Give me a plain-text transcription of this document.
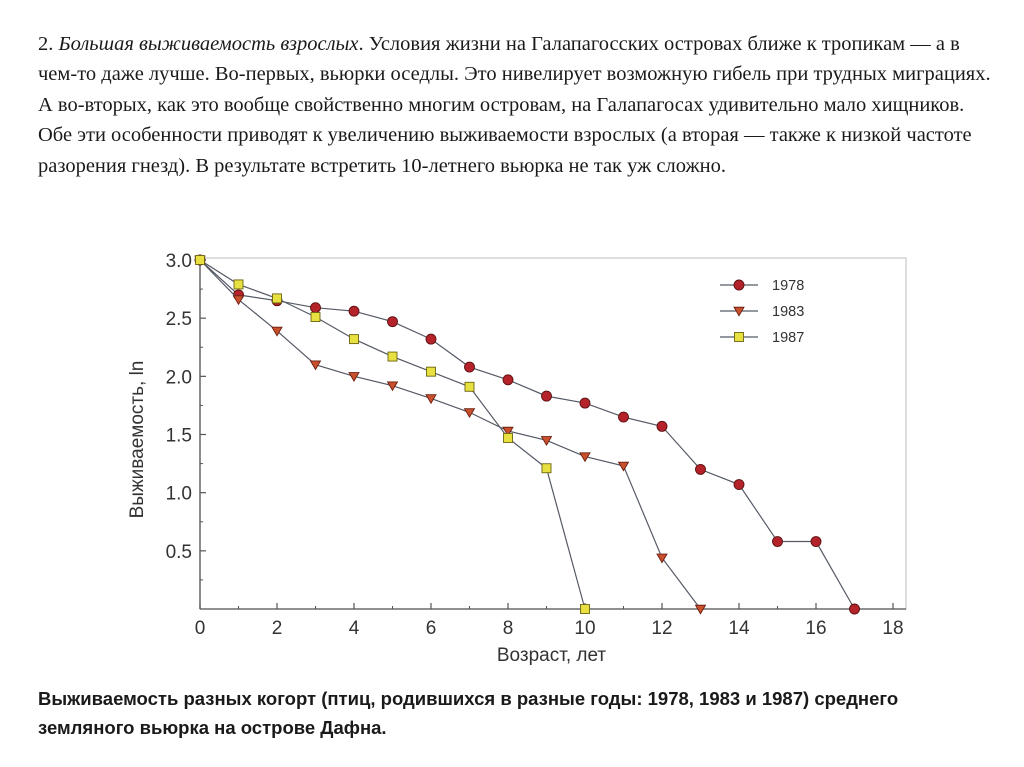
2. Большая выживаемость взрослых. Условия жизни на Галапагосских островах ближе к тропикам — а в чем-то даже лучше. Во-первых, вьюрки оседлы. Это нивелирует возможную гибель при трудных миграциях. А во-вторых, как это вообще свойственно многим островам, на Галапагосах удивительно мало хищников. Обе эти особенности приводят к увеличению выживаемости взрослых (а вторая — также к низкой частоте разорения гнезд). В результате встретить 10-летнего вьюрка не так уж сложно.

0	2	4	6	8	10	12	14	16	18
0.5
1.0
1.5
2.0
2.5
3.0
Возраст, лет
Выживаемость, ln
1978
1983
1987

Выживаемость разных когорт (птиц, родившихся в разные годы: 1978, 1983 и 1987) среднего земляного вьюрка на острове Дафна.
